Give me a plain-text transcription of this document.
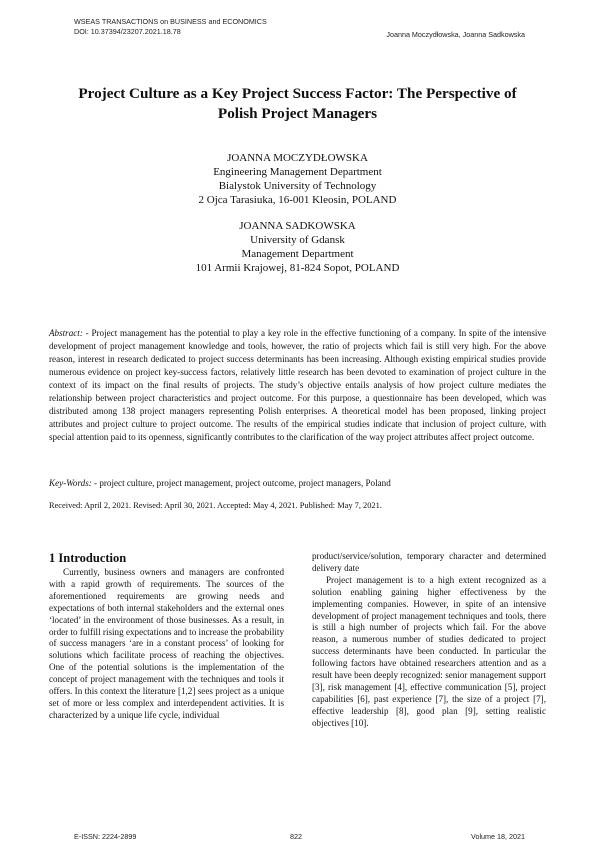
WSEAS TRANSACTIONS on BUSINESS and ECONOMICS
DOI: 10.37394/23207.2021.18.78	Joanna Moczydłowska, Joanna Sadkowska
Project Culture as a Key Project Success Factor: The Perspective of Polish Project Managers
JOANNA MOCZYDŁOWSKA
Engineering Management Department
Bialystok University of Technology
2 Ojca Tarasiuka, 16-001 Kleosin, POLAND
JOANNA SADKOWSKA
University of Gdansk
Management Department
101 Armii Krajowej, 81-824 Sopot, POLAND
Abstract: - Project management has the potential to play a key role in the effective functioning of a company. In spite of the intensive development of project management knowledge and tools, however, the ratio of projects which fail is still very high. For the above reason, interest in research dedicated to project success determinants has been increasing. Although existing empirical studies provide numerous evidence on project key-success factors, relatively little research has been devoted to examination of project culture in the context of its impact on the final results of projects. The study’s objective entails analysis of how project culture mediates the relationship between project characteristics and project outcome. For this purpose, a questionnaire has been developed, which was distributed among 138 project managers representing Polish enterprises. A theoretical model has been proposed, linking project attributes and project culture to project outcome. The results of the empirical studies indicate that inclusion of project culture, with special attention paid to its openness, significantly contributes to the clarification of the way project attributes affect project outcome.
Key-Words: - project culture, project management, project outcome, project managers, Poland
Received: April 2, 2021. Revised: April 30, 2021. Accepted: May 4, 2021. Published: May 7, 2021.
1 Introduction

Currently, business owners and managers are confronted with a rapid growth of requirements. The sources of the aforementioned requirements are growing needs and expectations of both internal stakeholders and the external ones ‘located’ in the environment of those businesses. As a result, in order to fulfill rising expectations and to increase the probability of success managers ‘are in a constant process’ of looking for solutions which facilitate process of reaching the objectives. One of the potential solutions is the implementation of the concept of project management with the techniques and tools it offers. In this context the literature [1,2] sees project as a unique set of more or less complex and interdependent activities. It is characterized by a unique life cycle, individual

product/service/solution, temporary character and determined delivery date

Project management is to a high extent recognized as a solution enabling gaining higher effectiveness by the implementing companies. However, in spite of an intensive development of project management techniques and tools, there is still a high number of projects which fail. For the above reason, a numerous number of studies dedicated to project success determinants have been conducted. In particular the following factors have obtained researchers attention and as a result have been deeply recognized: senior management support [3], risk management [4], effective communication [5], project capabilities [6], past experience [7], the size of a project [7], effective leadership [8], good plan [9], setting realistic objectives [10].

E-ISSN: 2224-2899	822	Volume 18, 2021
